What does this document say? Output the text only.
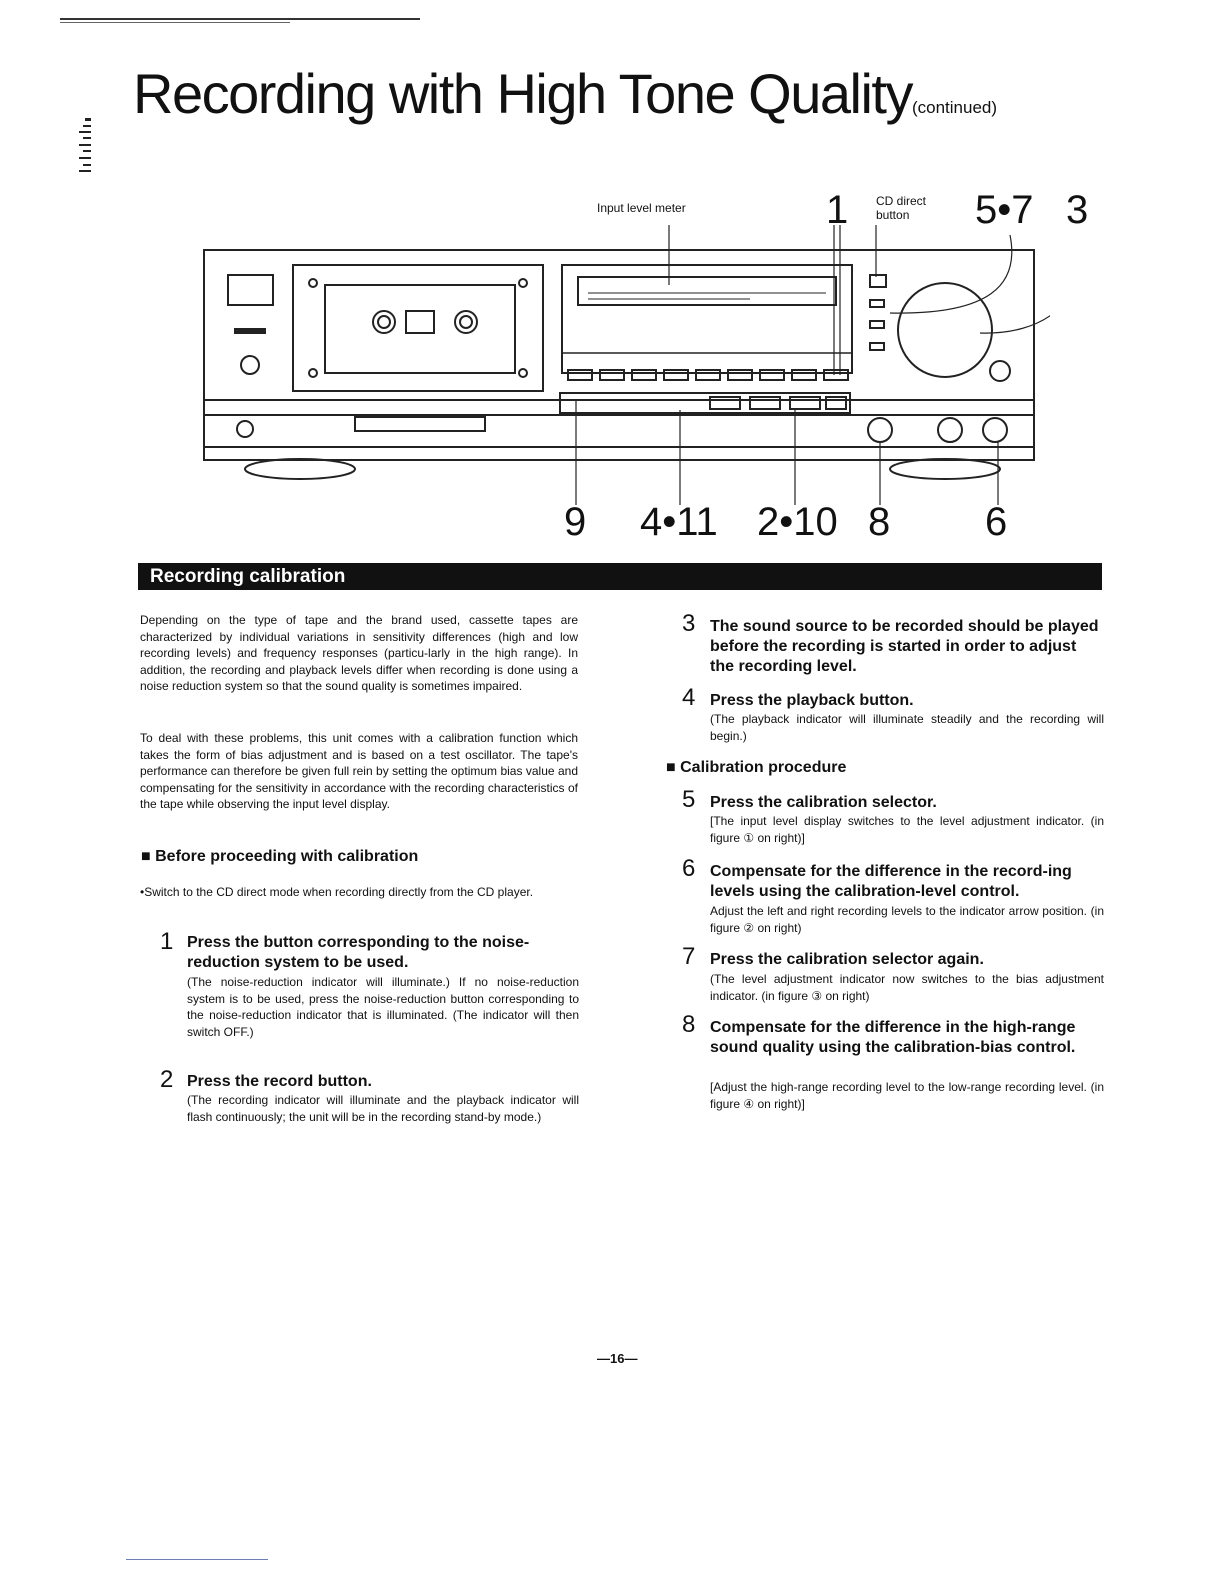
Recording with High Tone Quality(continued)
Input level meter	CD direct
button
1	5•7 3
9 4•11 2•10 8 6
Recording calibration
Depending on the type of tape and the brand used, cassette tapes are characterized by individual variations in sensitivity differences (high and low recording levels) and frequency responses (particu-larly in the high range). In addition, the recording and playback levels differ when recording is done using a noise reduction system so that the sound quality is sometimes impaired.
To deal with these problems, this unit comes with a calibration function which takes the form of bias adjustment and is based on a test oscillator. The tape's performance can therefore be given full rein by setting the optimum bias value and compensating for the sensitivity in accordance with the recording characteristics of the tape while observing the input level display.
■ Before proceeding with calibration
•Switch to the CD direct mode when recording directly from the CD player.
1 Press the button corresponding to the noise-reduction system to be used.
(The noise-reduction indicator will illuminate.) If no noise-reduction system is to be used, press the noise-reduction button corresponding to the noise-reduction indicator that is illuminated. (The indicator will then switch OFF.)
2 Press the record button.
(The recording indicator will illuminate and the playback indicator will flash continuously; the unit will be in the recording stand-by mode.)
3 The sound source to be recorded should be played before the recording is started in order to adjust the recording level.
4 Press the playback button.
(The playback indicator will illuminate steadily and the recording will begin.)
■ Calibration procedure
5 Press the calibration selector.
[The input level display switches to the level adjustment indicator. (in figure ① on right)]
6 Compensate for the difference in the record-ing levels using the calibration-level control.
Adjust the left and right recording levels to the indicator arrow position. (in figure ② on right)
7 Press the calibration selector again.
(The level adjustment indicator now switches to the bias adjustment indicator. (in figure ③ on right)
8 Compensate for the difference in the high-range sound quality using the calibration-bias control.
[Adjust the high-range recording level to the low-range recording level. (in figure ④ on right)]
—16—
